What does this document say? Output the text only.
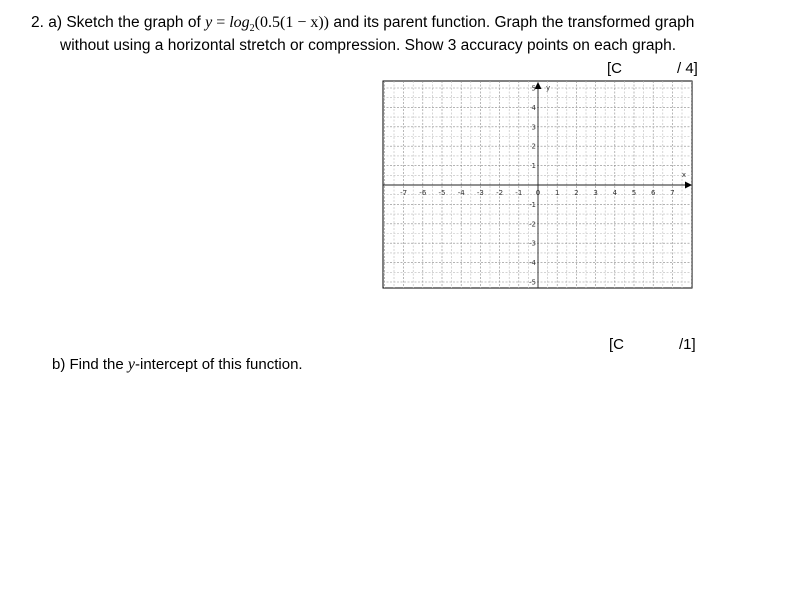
2. a) Sketch the graph of $y = \log_2(0.5(1 - x))$ and its parent function. Graph the transformed graph
without using a horizontal stretch or compression. Show 3 accuracy points on each graph.
[C	/ 4]
x
y
-7 -6 -5 -4 -3 -2 -1 0 1 2 3 4 5 6 7
5
4
3
2
1
-1
-2
-3
-4
-5
[C	/1]
b) Find the y-intercept of this function.
